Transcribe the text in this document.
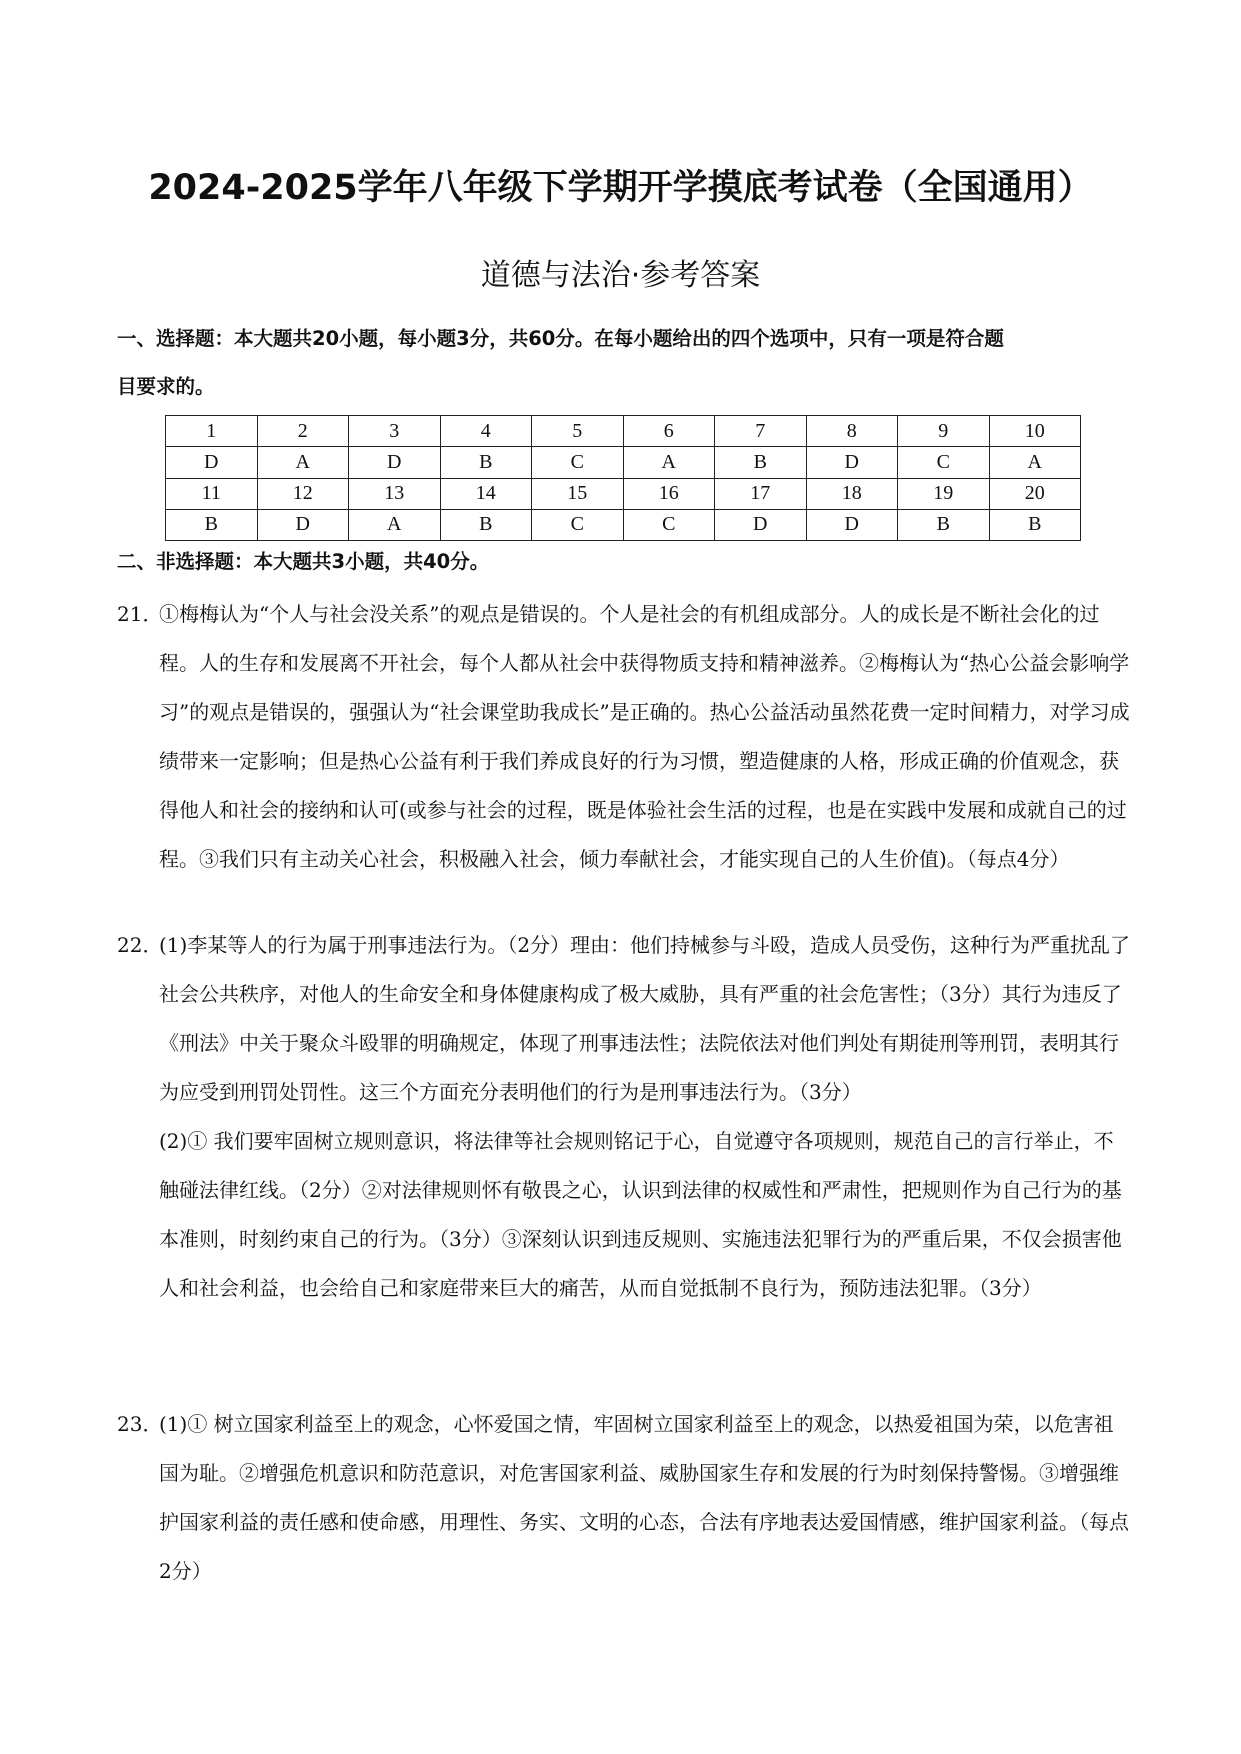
2024-2025学年八年级下学期开学摸底考试卷（全国通用）
道德与法治·参考答案
一、选择题：本大题共20小题，每小题3分，共60分。在每小题给出的四个选项中，只有一项是符合题
目要求的。
1	2	3	4	5	6	7	8	9	10
D	A	D	B	C	A	B	D	C	A
11	12	13	14	15	16	17	18	19	20
B	D	A	B	C	C	D	D	B	B
二、非选择题：本大题共3小题，共40分。
21．

①梅梅认为“个人与社会没关系”的观点是错误的。个人是社会的有机组成部分。人的成长是不断社会化的过程。人的生存和发展离不开社会，每个人都从社会中获得物质支持和精神滋养。②梅梅认为“热心公益会影响学习”的观点是错误的，强强认为“社会课堂助我成长”是正确的。热心公益活动虽然花费一定时间精力，对学习成绩带来一定影响；但是热心公益有利于我们养成良好的行为习惯，塑造健康的人格，形成正确的价值观念，获得他人和社会的接纳和认可(或参与社会的过程，既是体验社会生活的过程，也是在实践中发展和成就自己的过程。③我们只有主动关心社会，积极融入社会，倾力奉献社会，才能实现自己的人生价值)。（每点4分）

22．

(1)李某等人的行为属于刑事违法行为。（2分）理由：他们持械参与斗殴，造成人员受伤，这种行为严重扰乱了社会公共秩序，对他人的生命安全和身体健康构成了极大威胁，具有严重的社会危害性；（3分）其行为违反了《刑法》中关于聚众斗殴罪的明确规定，体现了刑事违法性；法院依法对他们判处有期徒刑等刑罚，表明其行为应受到刑罚处罚性。这三个方面充分表明他们的行为是刑事违法行为。（3分）

(2)① 我们要牢固树立规则意识，将法律等社会规则铭记于心，自觉遵守各项规则，规范自己的言行举止，不触碰法律红线。（2分）②对法律规则怀有敬畏之心，认识到法律的权威性和严肃性，把规则作为自己行为的基本准则，时刻约束自己的行为。（3分）③深刻认识到违反规则、实施违法犯罪行为的严重后果，不仅会损害他人和社会利益，也会给自己和家庭带来巨大的痛苦，从而自觉抵制不良行为，预防违法犯罪。（3分）

23．

(1)① 树立国家利益至上的观念，心怀爱国之情，牢固树立国家利益至上的观念，以热爱祖国为荣，以危害祖国为耻。②增强危机意识和防范意识，对危害国家利益、威胁国家生存和发展的行为时刻保持警惕。③增强维护国家利益的责任感和使命感，用理性、务实、文明的心态，合法有序地表达爱国情感，维护国家利益。（每点2分）
